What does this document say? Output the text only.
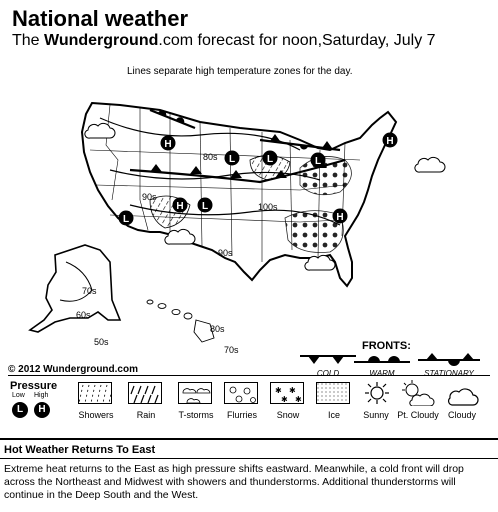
National weather
The Wunderground.com forecast for noon,Saturday, July 7
Lines separate high temperature zones for the day.
H
L	L
L
H L
H
L
H
80s
90s
100s
90s
70s
60s
50s
80s
70s
© 2012 Wunderground.com
FRONTS:
COLD	WARM	STATIONARY
Pressure
Low High
L	H	Showers	Rain	T-storms	Flurries
✱ ✱
✱ ✱
Snow	Ice	Sunny Pt. Cloudy	Cloudy
Hot Weather Returns To East
Extreme heat returns to the East as high pressure shifts eastward. Meanwhile, a cold front will drop across the Northeast and Midwest with showers and thunderstorms. Additional thunderstorms will continue in the Deep South and the West.
